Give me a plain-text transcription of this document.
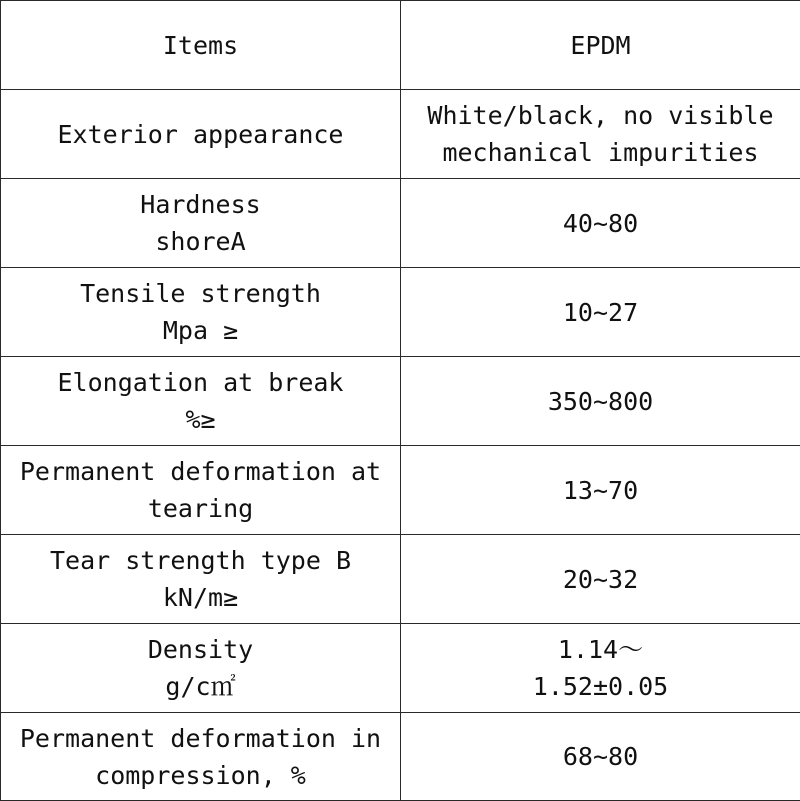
Items	EPDM

Exterior appearance	White/black, no visible
mechanical impurities

Hardness
shoreA	40~80

Tensile strength
Mpa ≥	10~27

Elongation at break
%≥	350~800

Permanent deformation at
tearing	13~70

Tear strength type B
kN/m≥	20~32

Density
g/c㎡	1.14～
1.52±0.05

Permanent deformation in
compression, %	68~80
